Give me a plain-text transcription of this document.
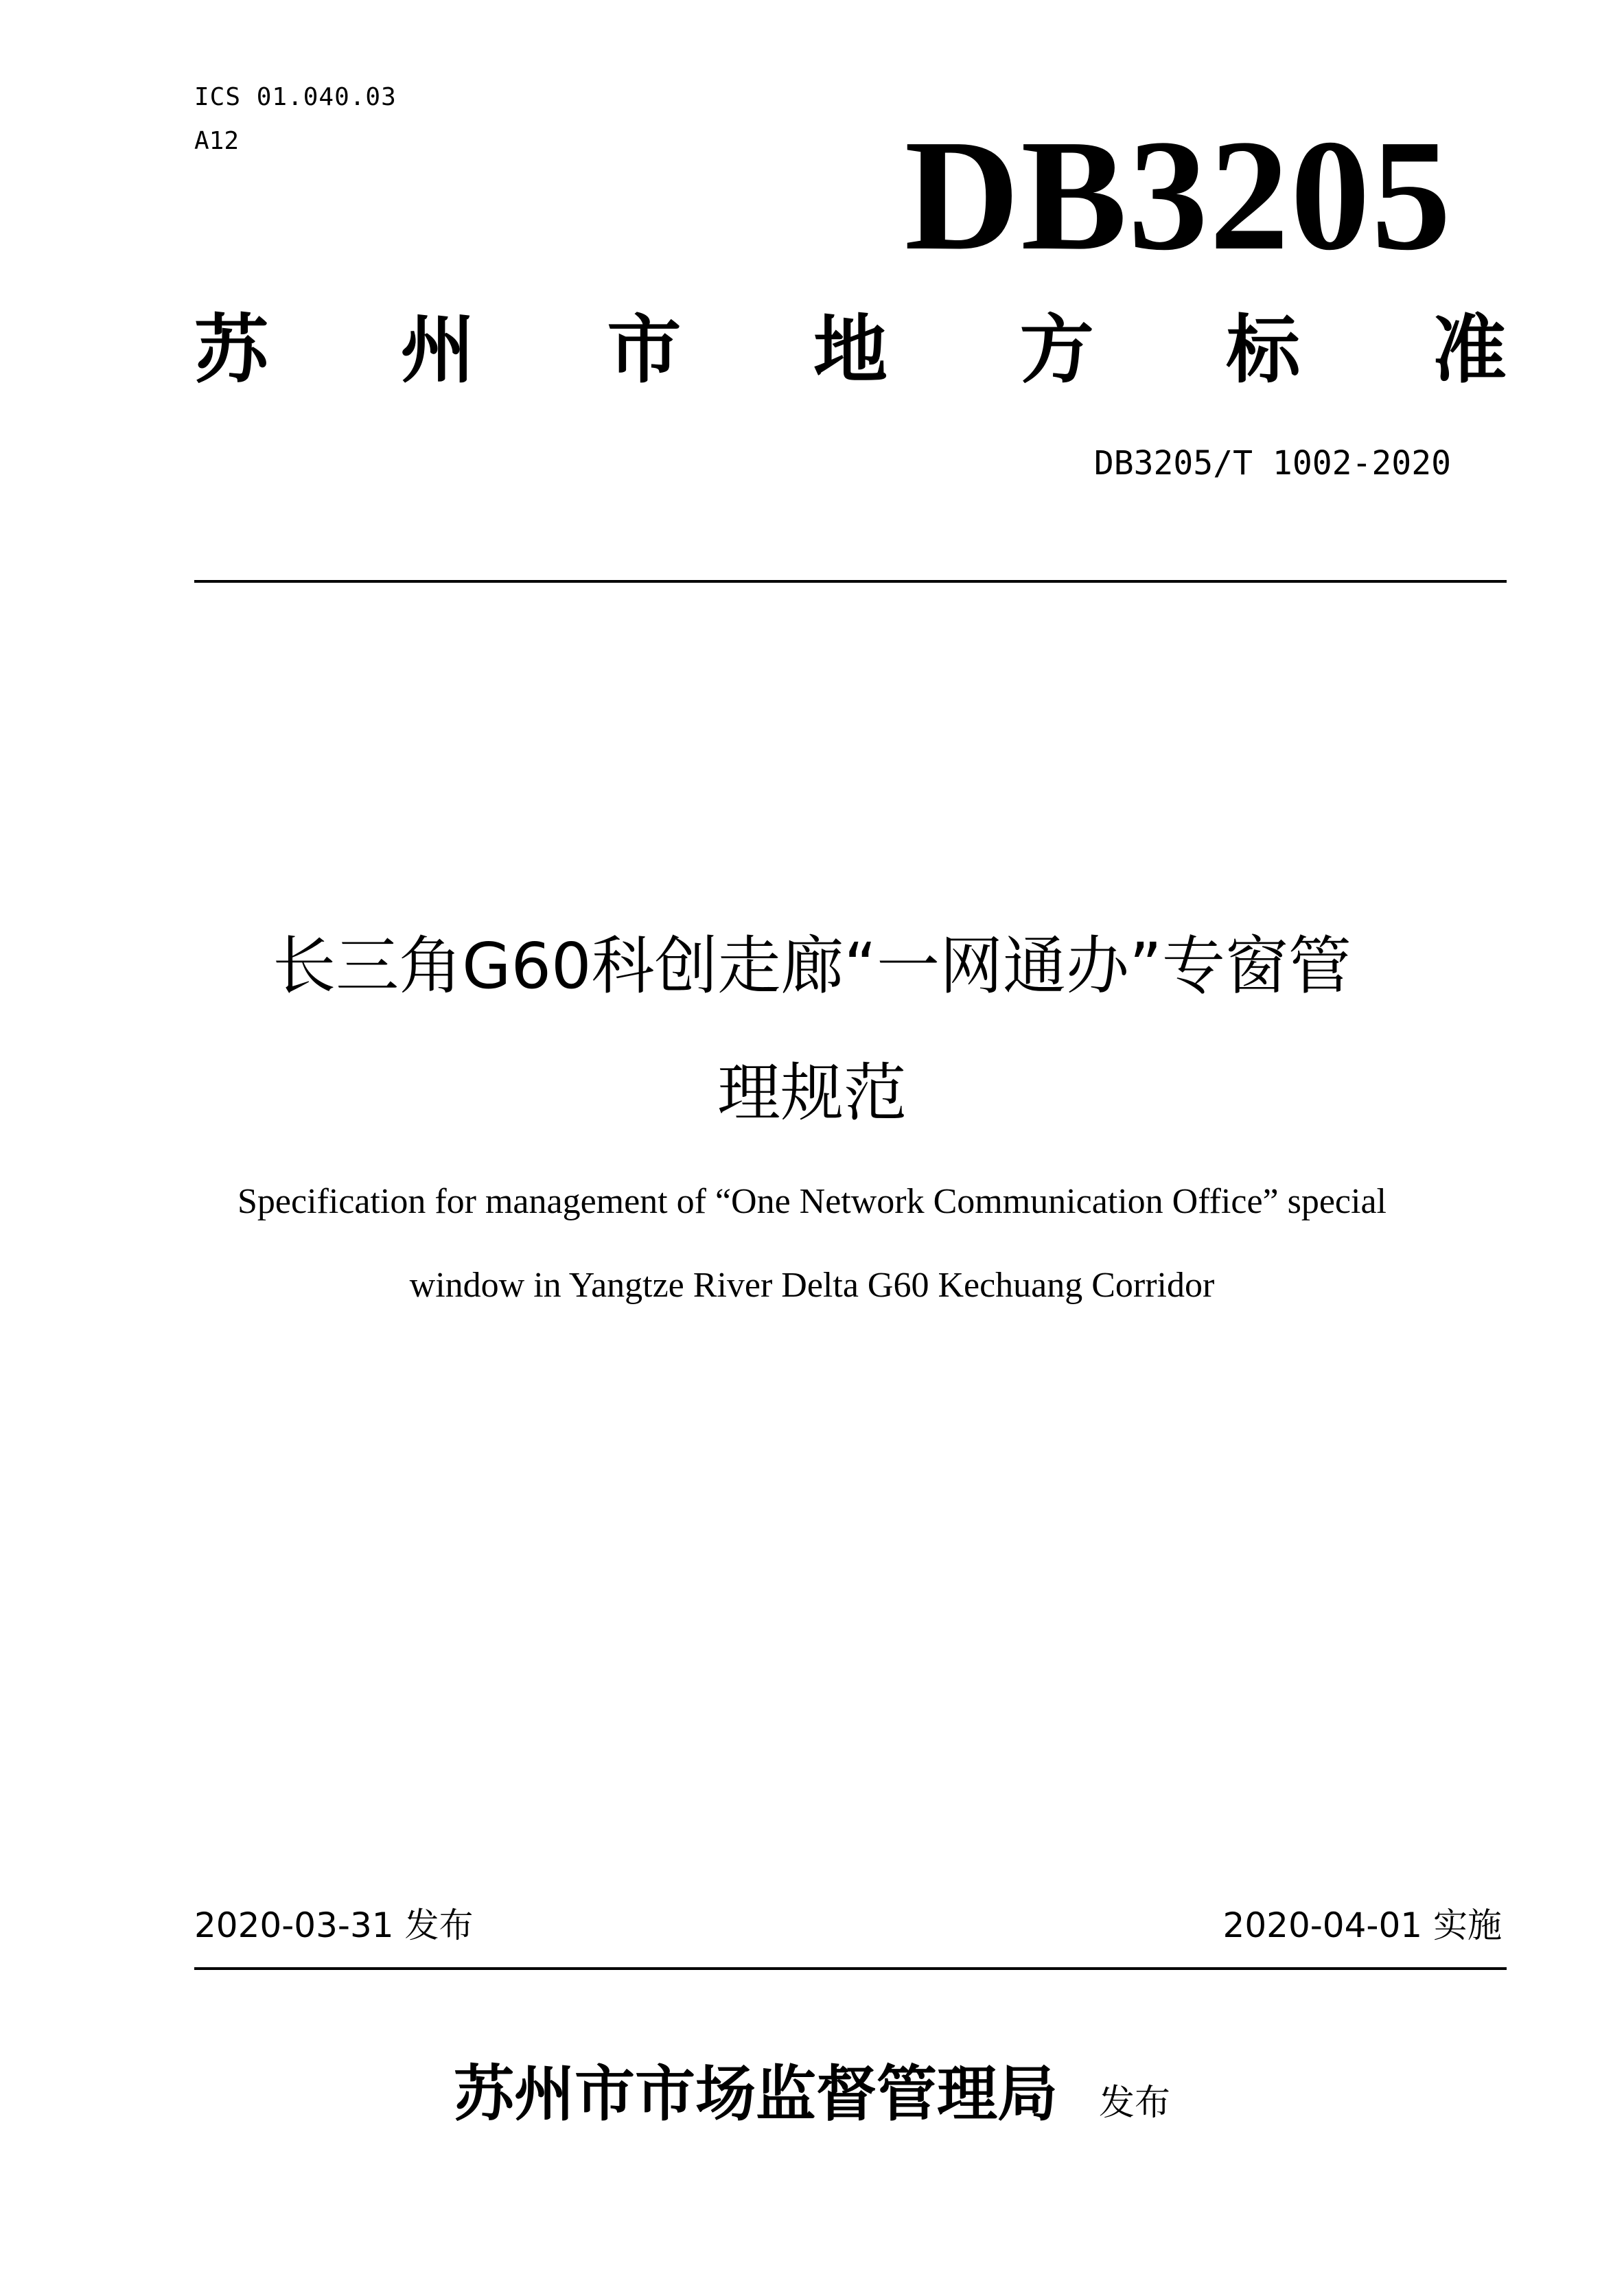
ICS 01.040.03
A12	DB3205
苏 州 市 地 方 标 准
DB3205/T 1002-2020
长三角G60科创走廊“一网通办”专窗管
理规范
Specification for management of “One Network Communication Office” special
window in Yangtze River Delta G60 Kechuang Corridor
2020-03-31 发布	2020-04-01 实施
苏州市市场监督管理局 发布
